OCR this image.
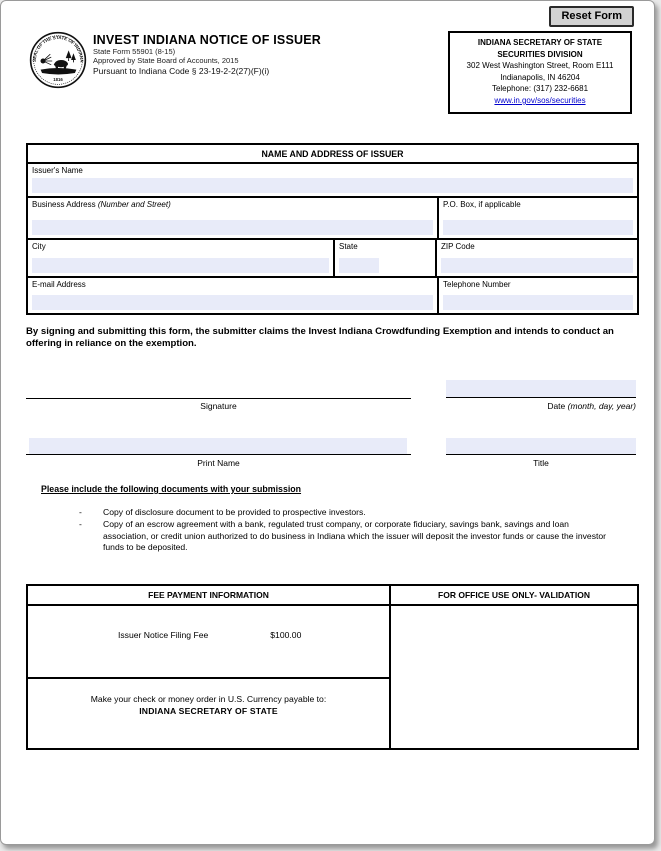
Reset Form
SEAL OF THE STATE OF INDIANA
1816
INVEST INDIANA NOTICE OF ISSUER
State Form 55901 (8-15)
Approved by State Board of Accounts, 2015
Pursuant to Indiana Code § 23-19-2-2(27)(F)(i)
INDIANA SECRETARY OF STATE
SECURITIES DIVISION
302 West Washington Street, Room E111
Indianapolis, IN 46204
Telephone: (317) 232-6681
www.in.gov/sos/securities
NAME AND ADDRESS OF ISSUER
Issuer's Name
Business Address (Number and Street)	P.O. Box, if applicable
City	State	ZIP Code
E-mail Address	Telephone Number
By signing and submitting this form, the submitter claims the Invest Indiana Crowdfunding Exemption and intends to conduct an offering in reliance on the exemption.
Signature	Date (month, day, year)
Print Name	Title
Please include the following documents with your submission
-	Copy of disclosure document to be provided to prospective investors.
-	Copy of an escrow agreement with a bank, regulated trust company, or corporate fiduciary, savings bank, savings and loan association, or credit union authorized to do business in Indiana which the issuer will deposit the investor funds or cause the investor funds to be deposited.
FEE PAYMENT INFORMATION	FOR OFFICE USE ONLY- VALIDATION
Issuer Notice Filing Fee	$100.00
Make your check or money order in U.S. Currency payable to:
INDIANA SECRETARY OF STATE
